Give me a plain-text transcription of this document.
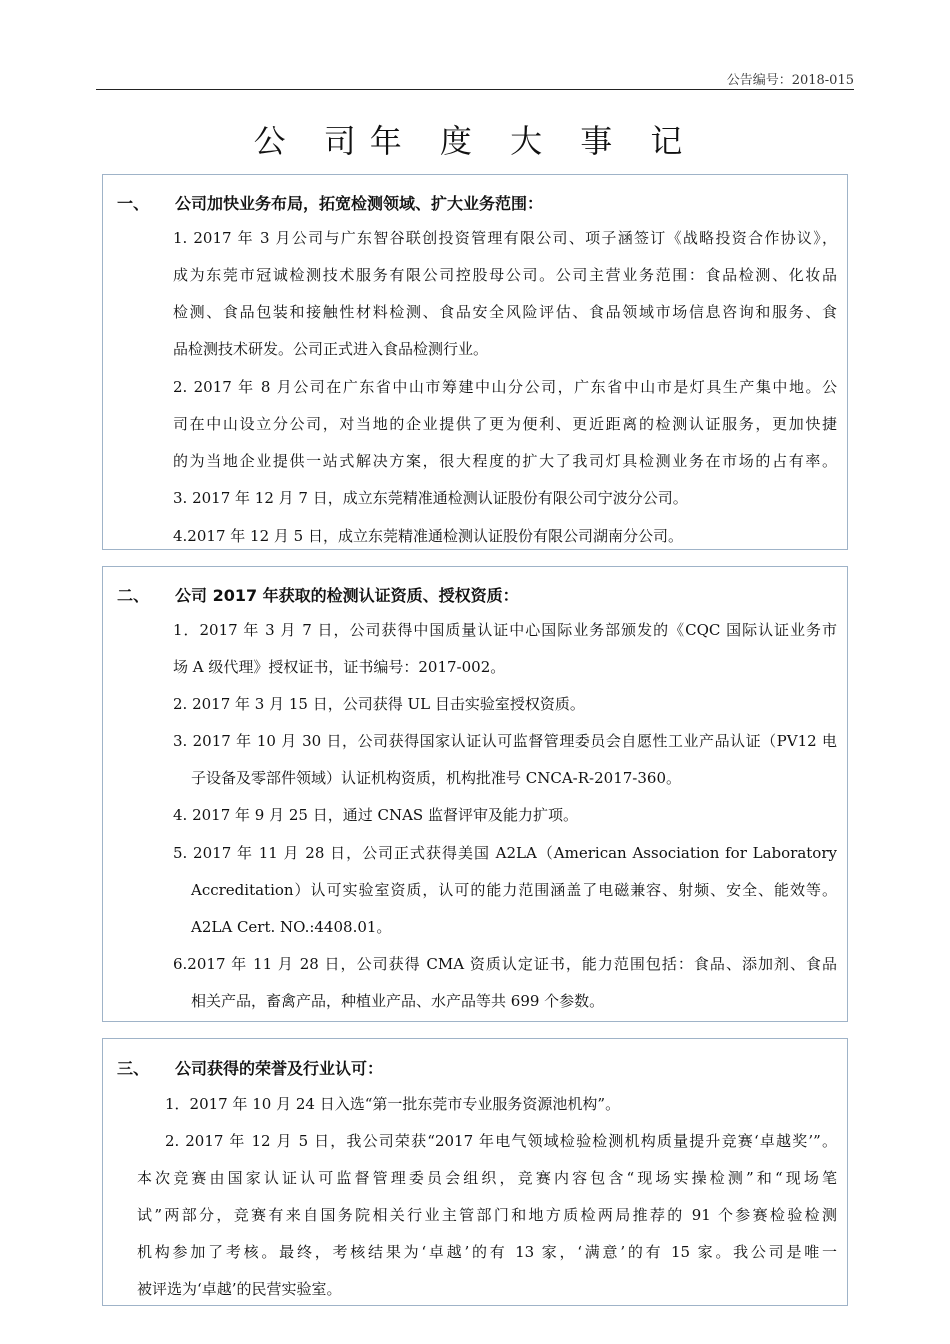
公告编号：2018-015
公 司年 度 大 事 记
一、 公司加快业务布局，拓宽检测领域、扩大业务范围：
1. 2017 年 3 月公司与广东智谷联创投资管理有限公司、项子涵签订《战略投资合作协议》，
成为东莞市冠诚检测技术服务有限公司控股母公司。公司主营业务范围：食品检测、化妆品
检测、食品包装和接触性材料检测、食品安全风险评估、食品领域市场信息咨询和服务、食
品检测技术研发。公司正式进入食品检测行业。
2. 2017 年 8 月公司在广东省中山市筹建中山分公司，广东省中山市是灯具生产集中地。公
司在中山设立分公司，对当地的企业提供了更为便利、更近距离的检测认证服务，更加快捷
的为当地企业提供一站式解决方案，很大程度的扩大了我司灯具检测业务在市场的占有率。
3. 2017 年 12 月 7 日，成立东莞精准通检测认证股份有限公司宁波分公司。
4.2017 年 12 月 5 日，成立东莞精准通检测认证股份有限公司湖南分公司。
二、 公司 2017 年获取的检测认证资质、授权资质：
1．2017 年 3 月 7 日，公司获得中国质量认证中心国际业务部颁发的《CQC 国际认证业务市
场 A 级代理》授权证书，证书编号：2017-002。
2. 2017 年 3 月 15 日，公司获得 UL 目击实验室授权资质。
3. 2017 年 10 月 30 日，公司获得国家认证认可监督管理委员会自愿性工业产品认证（PV12 电
子设备及零部件领域）认证机构资质，机构批准号 CNCA-R-2017-360。
4. 2017 年 9 月 25 日，通过 CNAS 监督评审及能力扩项。
5. 2017 年 11 月 28 日，公司正式获得美国 A2LA（American Association for Laboratory
Accreditation）认可实验室资质，认可的能力范围涵盖了电磁兼容、射频、安全、能效等。
A2LA Cert. NO.:4408.01。
6.2017 年 11 月 28 日，公司获得 CMA 资质认定证书，能力范围包括：食品、添加剂、食品
相关产品，畜禽产品，种植业产品、水产品等共 699 个参数。
三、 公司获得的荣誉及行业认可：
1．2017 年 10 月 24 日入选“第一批东莞市专业服务资源池机构”。
2. 2017 年 12 月 5 日，我公司荣获“2017 年电气领域检验检测机构质量提升竞赛‘卓越奖’”。
本次竞赛由国家认证认可监督管理委员会组织，竞赛内容包含“现场实操检测”和“现场笔
试”两部分，竞赛有来自国务院相关行业主管部门和地方质检两局推荐的 91 个参赛检验检测
机构参加了考核。最终，考核结果为‘卓越’的有 13 家，‘满意’的有 15 家。我公司是唯一
被评选为‘卓越’的民营实验室。
